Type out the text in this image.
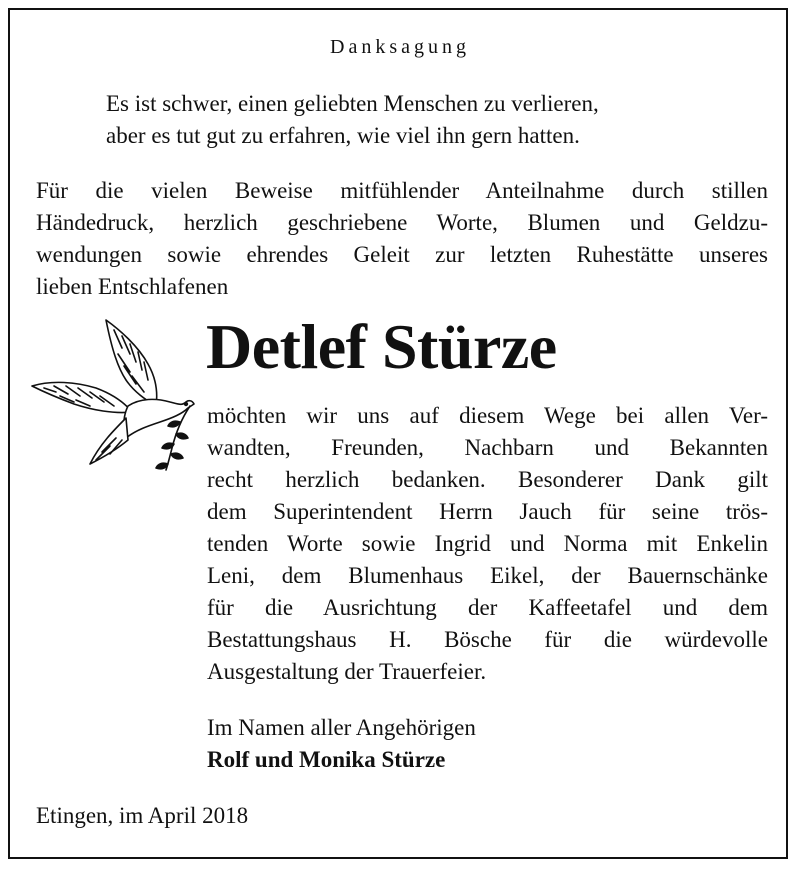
Danksagung
Es ist schwer, einen geliebten Menschen zu verlieren,
aber es tut gut zu erfahren, wie viel ihn gern hatten.
Für die vielen Beweise mitfühlender Anteilnahme durch stillen
Händedruck, herzlich geschriebene Worte, Blumen und Geldzu-
wendungen sowie ehrendes Geleit zur letzten Ruhestätte unseres
lieben Entschlafenen
Detlef Stürze
möchten wir uns auf diesem Wege bei allen Ver-
wandten, Freunden, Nachbarn und Bekannten
recht herzlich bedanken. Besonderer Dank gilt
dem Superintendent Herrn Jauch für seine trös-
tenden Worte sowie Ingrid und Norma mit Enkelin
Leni, dem Blumenhaus Eikel, der Bauernschänke
für die Ausrichtung der Kaffeetafel und dem
Bestattungshaus H. Bösche für die würdevolle
Ausgestaltung der Trauerfeier.
Im Namen aller Angehörigen
Rolf und Monika Stürze
Etingen, im April 2018
